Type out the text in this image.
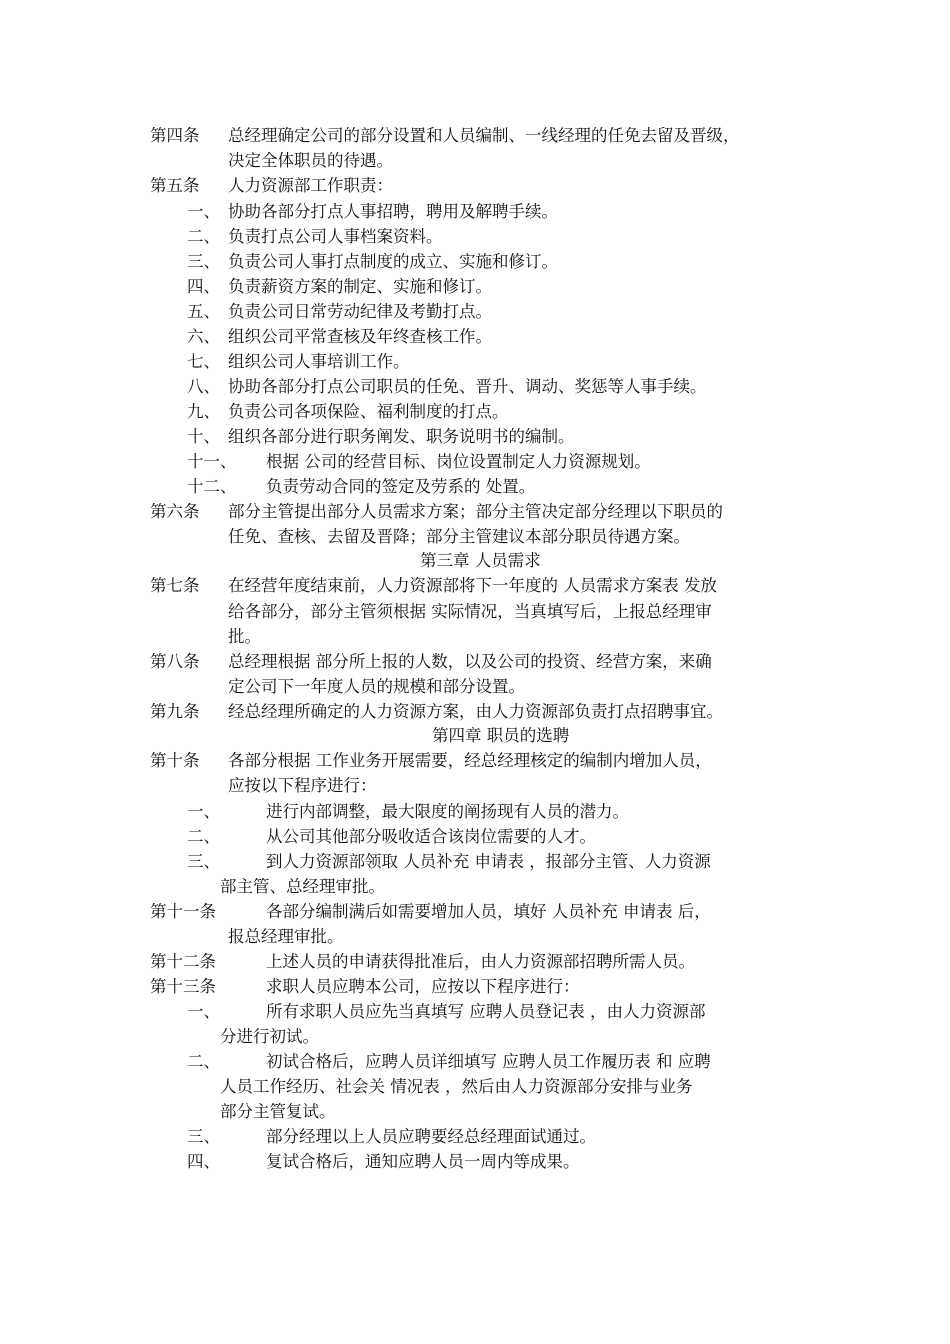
第四条 总经理确定公司的部分设置和人员编制、一线经理的任免去留及晋级，
决定全体职员的待遇。
第五条 人力资源部工作职责：
一、 协助各部分打点人事招聘，聘用及解聘手续。
二、 负责打点公司人事档案资料。
三、 负责公司人事打点制度的成立、实施和修订。
四、 负责薪资方案的制定、实施和修订。
五、 负责公司日常劳动纪律及考勤打点。
六、 组织公司平常查核及年终查核工作。
七、 组织公司人事培训工作。
八、 协助各部分打点公司职员的任免、晋升、调动、奖惩等人事手续。
九、 负责公司各项保险、福利制度的打点。
十、 组织各部分进行职务阐发、职务说明书的编制。
十一、 根据 公司的经营目标、岗位设置制定人力资源规划。
十二、 负责劳动合同的签定及劳系的 处置。
第六条 部分主管提出部分人员需求方案；部分主管决定部分经理以下职员的
任免、查核、去留及晋降；部分主管建议本部分职员待遇方案。
第三章 人员需求
第七条 在经营年度结束前，人力资源部将下一年度的 人员需求方案表 发放
给各部分，部分主管须根据 实际情况，当真填写后，上报总经理审
批。
第八条 总经理根据 部分所上报的人数，以及公司的投资、经营方案，来确
定公司下一年度人员的规模和部分设置。
第九条 经总经理所确定的人力资源方案，由人力资源部负责打点招聘事宜。
第四章 职员的选聘
第十条 各部分根据 工作业务开展需要，经总经理核定的编制内增加人员，
应按以下程序进行：
一、	进行内部调整，最大限度的阐扬现有人员的潜力。
二、	从公司其他部分吸收适合该岗位需要的人才。
三、	到人力资源部领取 人员补充 申请表 ，报部分主管、人力资源
部主管、总经理审批。
第十一条	各部分编制满后如需要增加人员，填好 人员补充 申请表 后，
报总经理审批。
第十二条	上述人员的申请获得批准后，由人力资源部招聘所需人员。
第十三条	求职人员应聘本公司，应按以下程序进行：
一、	所有求职人员应先当真填写 应聘人员登记表 ，由人力资源部
分进行初试。
二、	初试合格后，应聘人员详细填写 应聘人员工作履历表 和 应聘
人员工作经历、社会关 情况表 ，然后由人力资源部分安排与业务
部分主管复试。
三、	部分经理以上人员应聘要经总经理面试通过。
四、	复试合格后，通知应聘人员一周内等成果。
